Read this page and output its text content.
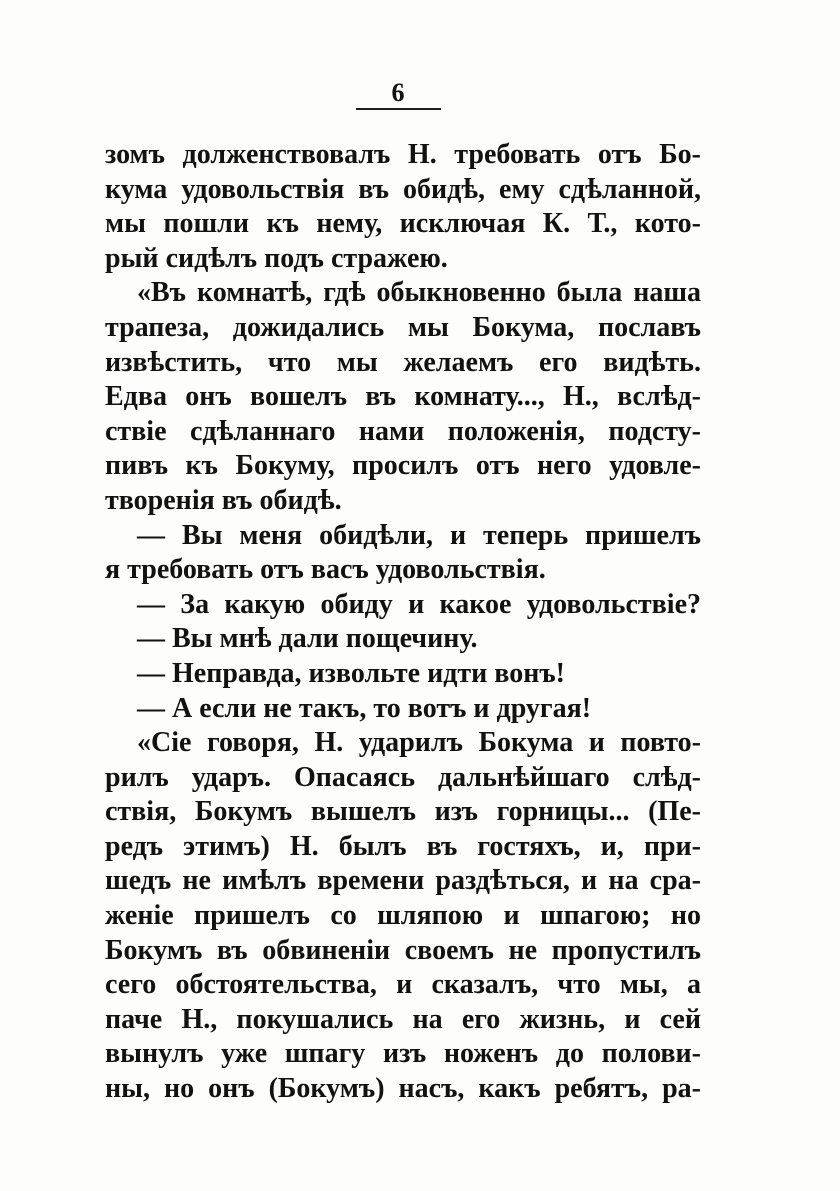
6
зомъ долженствовалъ Н. требовать отъ Бо-
кума удовольствія въ обидѣ, ему сдѣланной,
мы пошли къ нему, исключая К. Т., кото-
рый сидѣлъ подъ стражею.
«Въ комнатѣ, гдѣ обыкновенно была наша
трапеза, дожидались мы Бокума, пославъ
извѣстить, что мы желаемъ его видѣть.
Едва онъ вошелъ въ комнату..., Н., вслѣд-
ствіе сдѣланнаго нами положенія, подсту-
пивъ къ Бокуму, просилъ отъ него удовле-
творенія въ обидѣ.
— Вы меня обидѣли, и теперь пришелъ
я требовать отъ васъ удовольствія.
— За какую обиду и какое удовольствіе?
— Вы мнѣ дали пощечину.
— Неправда, извольте идти вонъ!
— А если не такъ, то вотъ и другая!
«Сіе говоря, Н. ударилъ Бокума и повто-
рилъ ударъ. Опасаясь дальнѣйшаго слѣд-
ствія, Бокумъ вышелъ изъ горницы... (Пе-
редъ этимъ) Н. былъ въ гостяхъ, и, при-
шедъ не имѣлъ времени раздѣться, и на сра-
женіе пришелъ со шляпою и шпагою; но
Бокумъ въ обвиненіи своемъ не пропустилъ
сего обстоятельства, и сказалъ, что мы, а
паче Н., покушались на его жизнь, и сей
вынулъ уже шпагу изъ ноженъ до полови-
ны, но онъ (Бокумъ) насъ, какъ ребятъ, ра-
